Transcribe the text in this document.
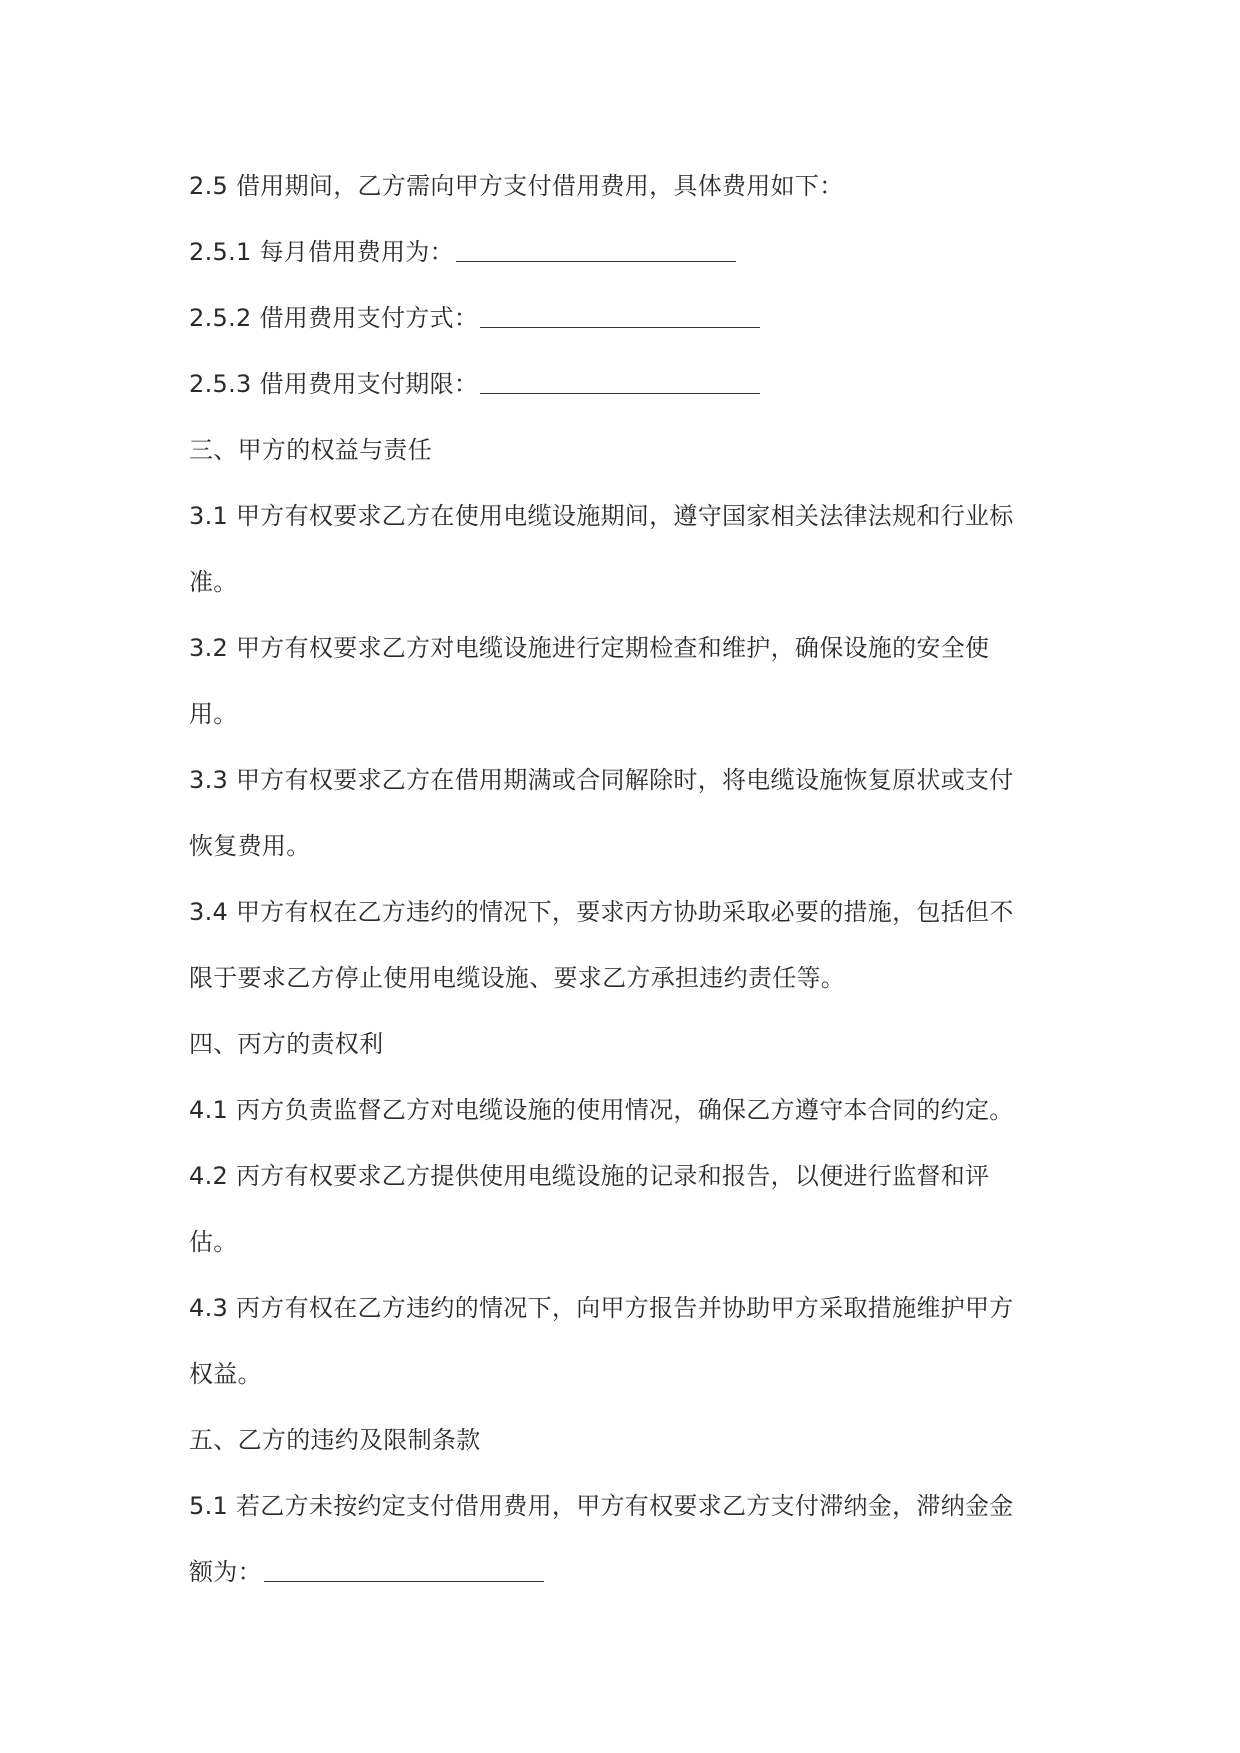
2.5 借用期间，乙方需向甲方支付借用费用，具体费用如下：
2.5.1 每月借用费用为：
2.5.2 借用费用支付方式：
2.5.3 借用费用支付期限：
三、甲方的权益与责任
3.1 甲方有权要求乙方在使用电缆设施期间，遵守国家相关法律法规和行业标
准。
3.2 甲方有权要求乙方对电缆设施进行定期检查和维护，确保设施的安全使
用。
3.3 甲方有权要求乙方在借用期满或合同解除时，将电缆设施恢复原状或支付
恢复费用。
3.4 甲方有权在乙方违约的情况下，要求丙方协助采取必要的措施，包括但不
限于要求乙方停止使用电缆设施、要求乙方承担违约责任等。
四、丙方的责权利
4.1 丙方负责监督乙方对电缆设施的使用情况，确保乙方遵守本合同的约定。
4.2 丙方有权要求乙方提供使用电缆设施的记录和报告，以便进行监督和评
估。
4.3 丙方有权在乙方违约的情况下，向甲方报告并协助甲方采取措施维护甲方
权益。
五、乙方的违约及限制条款
5.1 若乙方未按约定支付借用费用，甲方有权要求乙方支付滞纳金，滞纳金金
额为：
